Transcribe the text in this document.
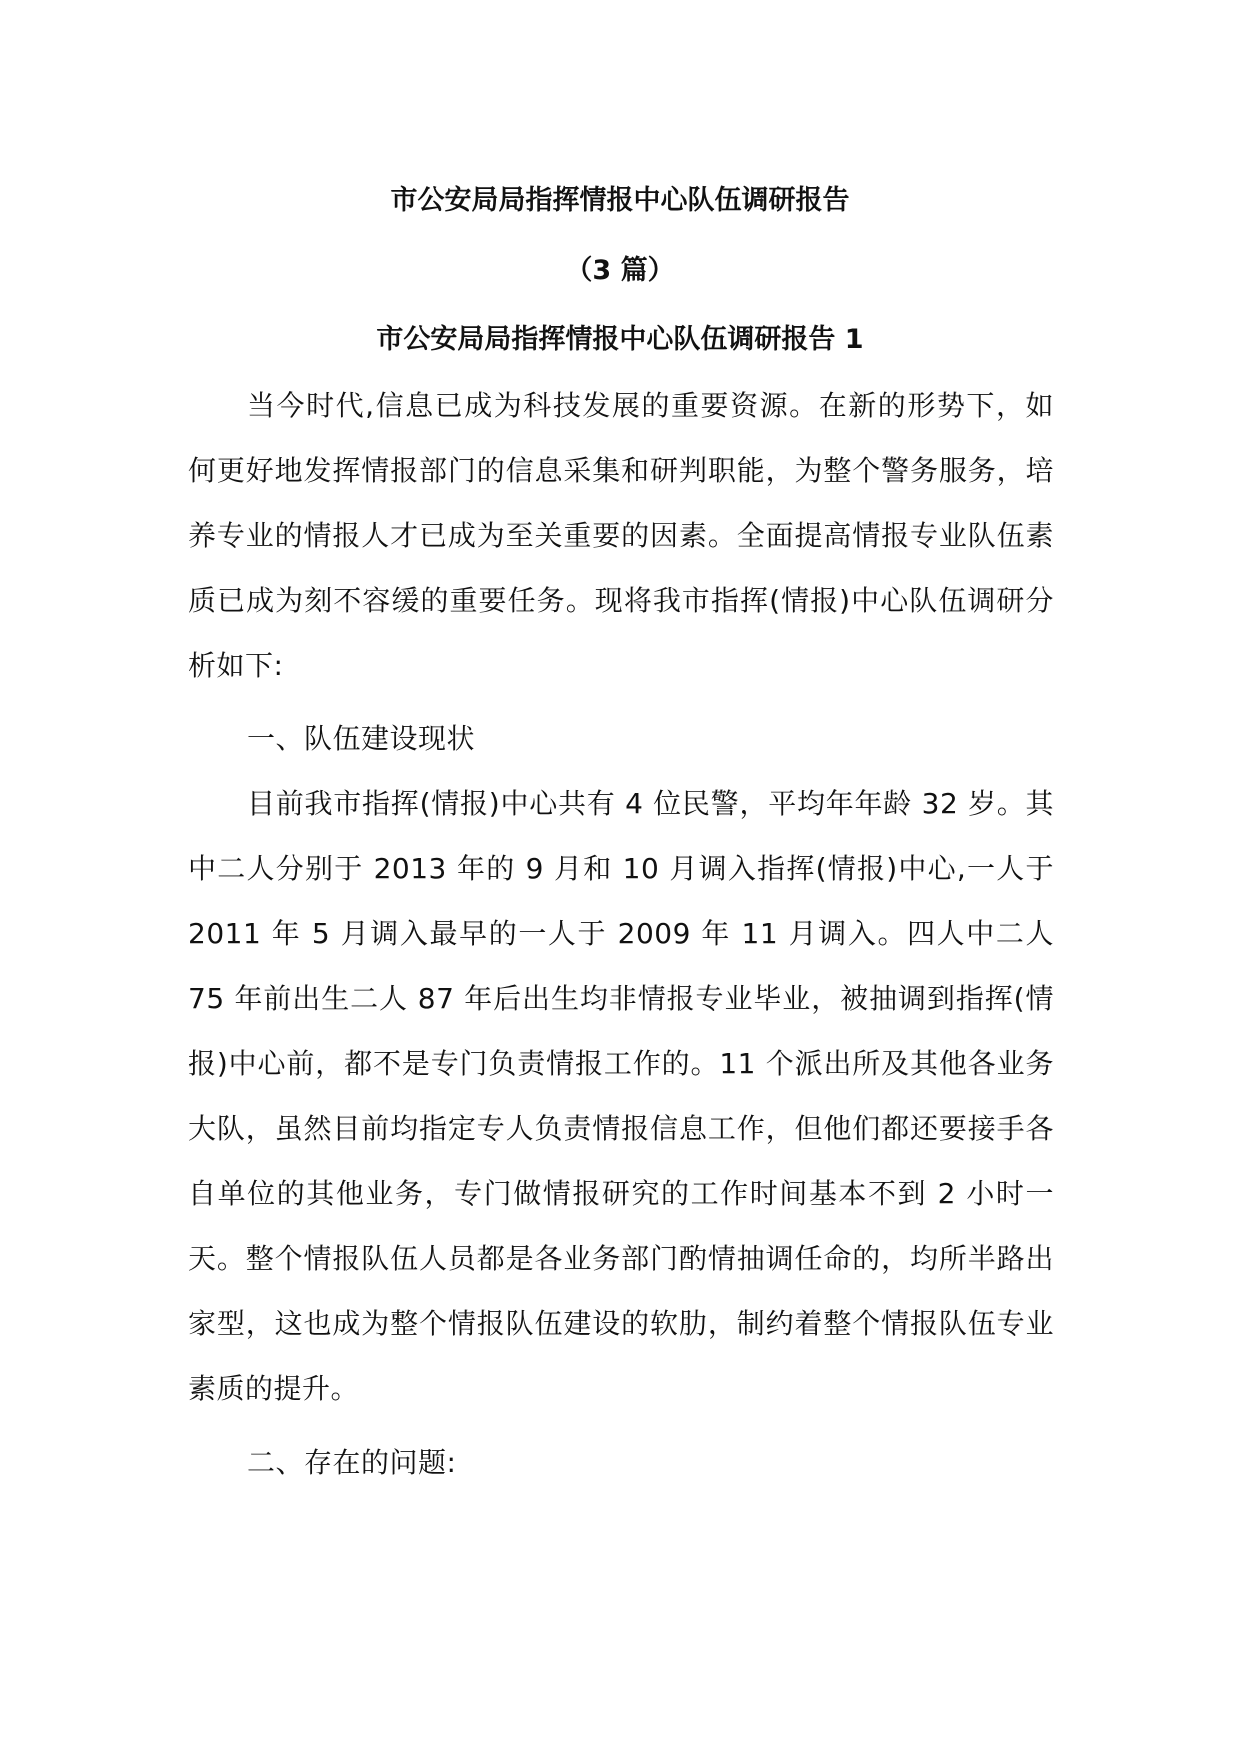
市公安局局指挥情报中心队伍调研报告
（3 篇）
市公安局局指挥情报中心队伍调研报告 1

当今时代,信息已成为科技发展的重要资源。在新的形势下，如何更好地发挥情报部门的信息采集和研判职能，为整个警务服务，培养专业的情报人才已成为至关重要的因素。全面提高情报专业队伍素质已成为刻不容缓的重要任务。现将我市指挥(情报)中心队伍调研分析如下:

一、队伍建设现状

目前我市指挥(情报)中心共有 4 位民警，平均年年龄 32 岁。其中二人分别于 2013 年的 9 月和 10 月调入指挥(情报)中心,一人于 2011 年 5 月调入最早的一人于 2009 年 11 月调入。四人中二人 75 年前出生二人 87 年后出生均非情报专业毕业，被抽调到指挥(情报)中心前，都不是专门负责情报工作的。11 个派出所及其他各业务大队，虽然目前均指定专人负责情报信息工作，但他们都还要接手各自单位的其他业务，专门做情报研究的工作时间基本不到 2 小时一天。整个情报队伍人员都是各业务部门酌情抽调任命的，均所半路出家型，这也成为整个情报队伍建设的软肋，制约着整个情报队伍专业素质的提升。

二、存在的问题:
